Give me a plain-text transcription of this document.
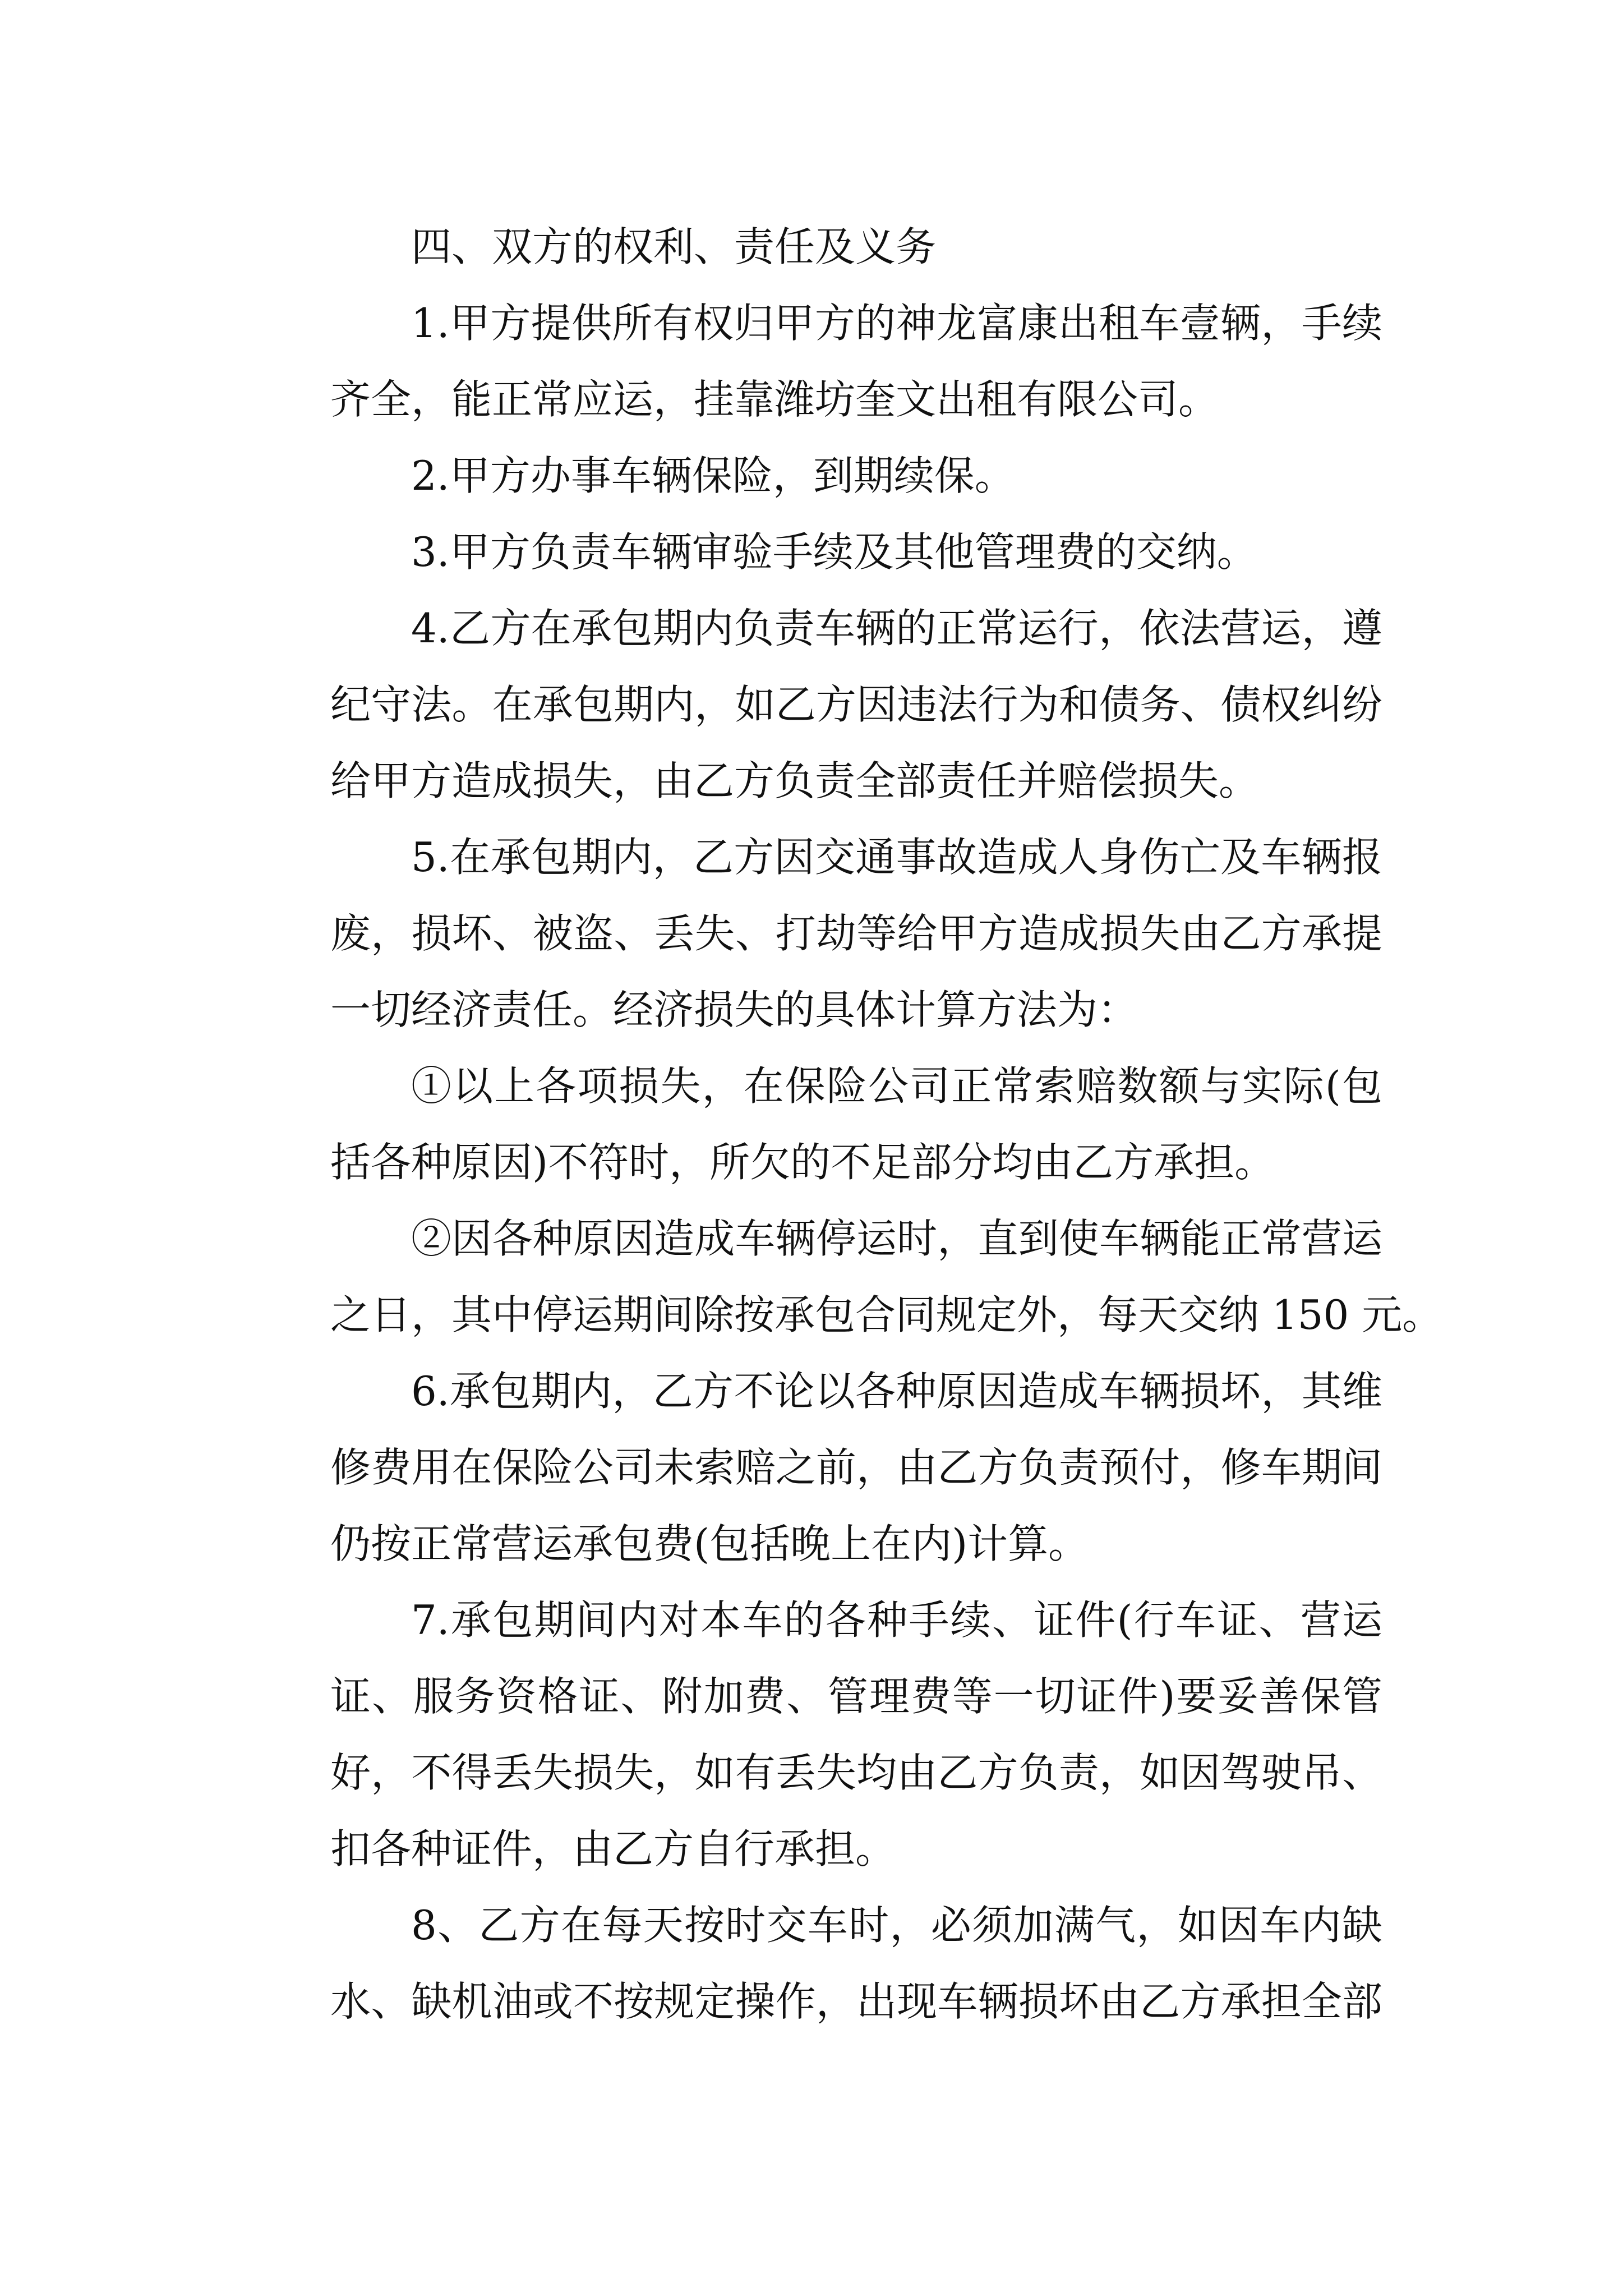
四、双方的权利、责任及义务
1.甲方提供所有权归甲方的神龙富康出租车壹辆，手续
齐全，能正常应运，挂靠潍坊奎文出租有限公司。
2.甲方办事车辆保险，到期续保。
3.甲方负责车辆审验手续及其他管理费的交纳。
4.乙方在承包期内负责车辆的正常运行，依法营运，遵
纪守法。在承包期内，如乙方因违法行为和债务、债权纠纷
给甲方造成损失，由乙方负责全部责任并赔偿损失。
5.在承包期内，乙方因交通事故造成人身伤亡及车辆报
废，损坏、被盗、丢失、打劫等给甲方造成损失由乙方承提
一切经济责任。经济损失的具体计算方法为：
①以上各项损失，在保险公司正常索赔数额与实际(包
括各种原因)不符时，所欠的不足部分均由乙方承担。
②因各种原因造成车辆停运时，直到使车辆能正常营运
之日，其中停运期间除按承包合同规定外，每天交纳 150 元。
6.承包期内，乙方不论以各种原因造成车辆损坏，其维
修费用在保险公司未索赔之前，由乙方负责预付，修车期间
仍按正常营运承包费(包括晚上在内)计算。
7.承包期间内对本车的各种手续、证件(行车证、营运
证、服务资格证、附加费、管理费等一切证件)要妥善保管
好，不得丢失损失，如有丢失均由乙方负责，如因驾驶吊、
扣各种证件，由乙方自行承担。
8、乙方在每天按时交车时，必须加满气，如因车内缺
水、缺机油或不按规定操作，出现车辆损坏由乙方承担全部
